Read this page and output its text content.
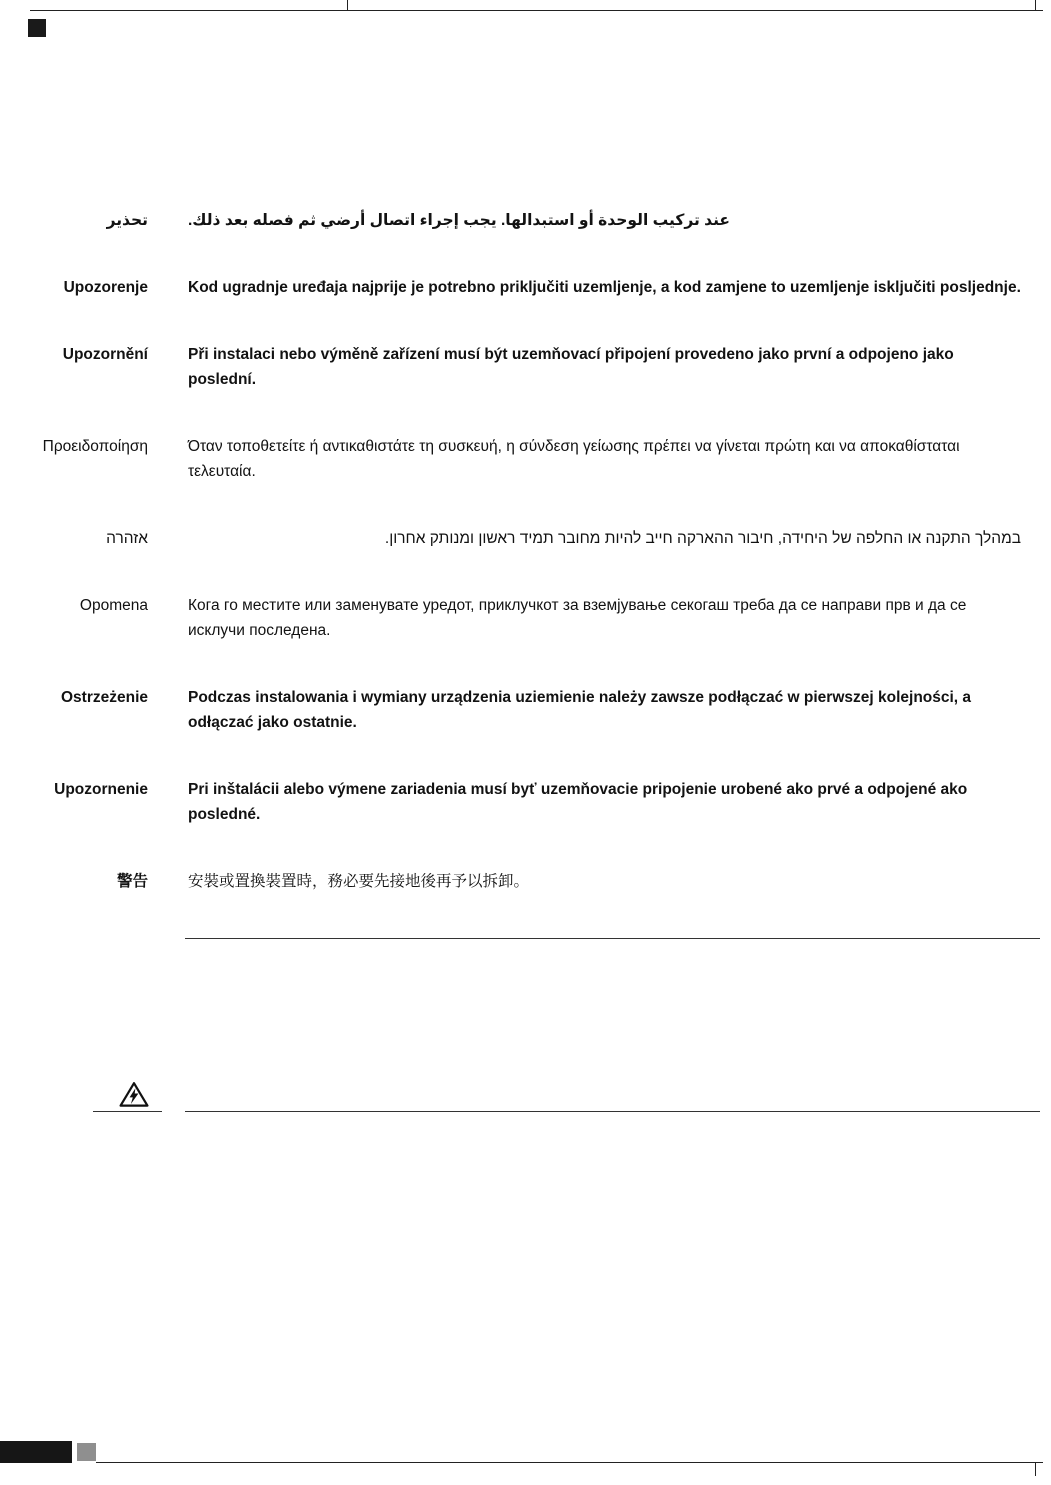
تحذير	عند تركيب الوحدة أو استبدالها. يجب إجراء اتصال أرضي ثم فصله بعد ذلك.
Upozorenje	Kod ugradnje uređaja najprije je potrebno priključiti uzemljenje, a kod zamjene to uzemljenje isključiti posljednje.
Upozornění	Při instalaci nebo výměně zařízení musí být uzemňovací připojení provedeno jako první a odpojeno jako poslední.
Προειδοποίηση	Όταν τοποθετείτε ή αντικαθιστάτε τη συσκευή, η σύνδεση γείωσης πρέπει να γίνεται πρώτη και να αποκαθίσταται τελευταία.
אזהרה	במהלך התקנה או החלפה של היחידה, חיבור ההארקה חייב להיות מחובר תמיד ראשון ומנותק אחרון.
Opomena	Кога го местите или заменувате уредот, приклучкот за вземјување секогаш треба да се направи прв и да се исклучи последена.
Ostrzeżenie	Podczas instalowania i wymiany urządzenia uziemienie należy zawsze podłączać w pierwszej kolejności, a odłączać jako ostatnie.
Upozornenie	Pri inštalácii alebo výmene zariadenia musí byť uzemňovacie pripojenie urobené ako prvé a odpojené ako posledné.
警告	安裝或置換裝置時，務必要先接地後再予以拆卸。
